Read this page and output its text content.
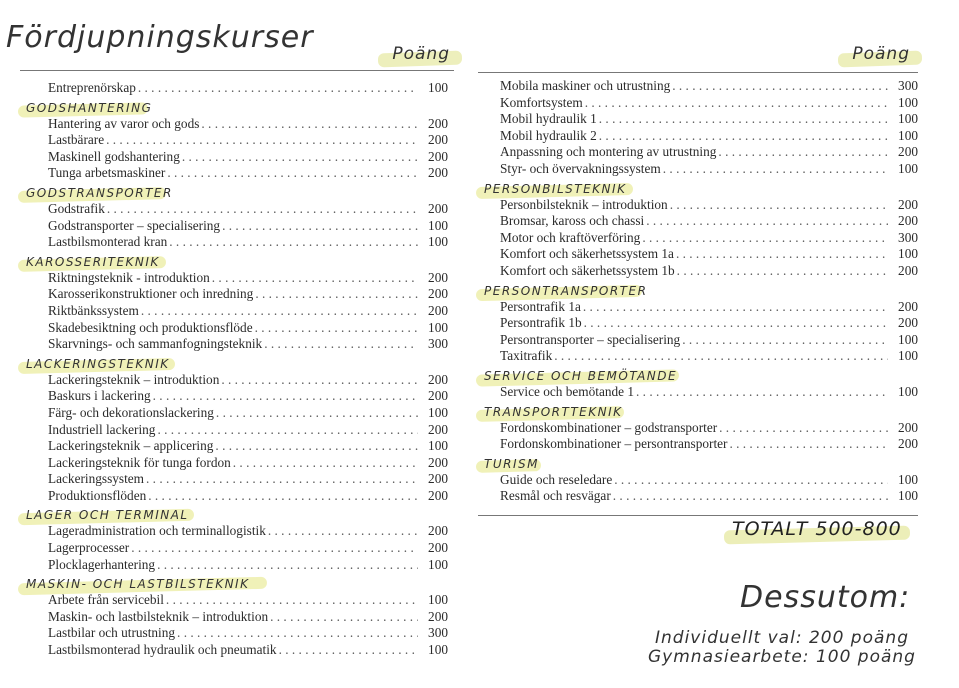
Fördjupningskurser	Poäng
Entreprenörskap . . .	100
GODSHANTERING
Hantering av varor och gods . . .	200
Lastbärare . . .	200
Maskinell godshantering . . .	200
Tunga arbetsmaskiner . . .	200
GODSTRANSPORTER
Godstrafik . . .	200
Godstransporter – specialisering . . .	100
Lastbilsmonterad kran . . .	100
KAROSSERITEKNIK
Riktningsteknik - introduktion . . .	200
Karosserikonstruktioner och inredning . . .	200
Riktbänkssystem . . .	200
Skadebesiktning och produktionsflöde . . .	100
Skarvnings- och sammanfogningsteknik . . .	300
LACKERINGSTEKNIK
Lackeringsteknik – introduktion . . .	200
Baskurs i lackering . . .	200
Färg- och dekorationslackering . . .	100
Industriell lackering . . .	200
Lackeringsteknik – applicering . . .	100
Lackeringsteknik för tunga fordon . . .	200
Lackeringssystem . . .	200
Produktionsflöden . . .	200
LAGER OCH TERMINAL
Lageradministration och terminallogistik . . .	200
Lagerprocesser . . .	200
Plocklagerhantering . . .	100
MASKIN- OCH LASTBILSTEKNIK
Arbete från servicebil . . .	100
Maskin- och lastbilsteknik – introduktion . . .	200
Lastbilar och utrustning . . .	300
Lastbilsmonterad hydraulik och pneumatik . . .	100
Poäng
Mobila maskiner och utrustning . . .	300
Komfortsystem . . .	100
Mobil hydraulik 1 . . .	100
Mobil hydraulik 2 . . .	100
Anpassning och montering av utrustning . . .	200
Styr- och övervakningssystem . . .	100
PERSONBILSTEKNIK
Personbilsteknik – introduktion . . .	200
Bromsar, kaross och chassi . . .	200
Motor och kraftöverföring . . .	300
Komfort och säkerhetssystem 1a . . .	100
Komfort och säkerhetssystem 1b . . .	200
PERSONTRANSPORTER
Persontrafik 1a . . .	200
Persontrafik 1b . . .	200
Persontransporter – specialisering . . .	100
Taxitrafik . . .	100
SERVICE OCH BEMÖTANDE
Service och bemötande 1 . . .	100
TRANSPORTTEKNIK
Fordonskombinationer – godstransporter . . .	200
Fordonskombinationer – persontransporter . . .	200
TURISM
Guide och reseledare . . .	100
Resmål och resvägar . . .	100
TOTALT 500-800
Dessutom:
Individuellt val: 200 poäng
Gymnasiearbete: 100 poäng
